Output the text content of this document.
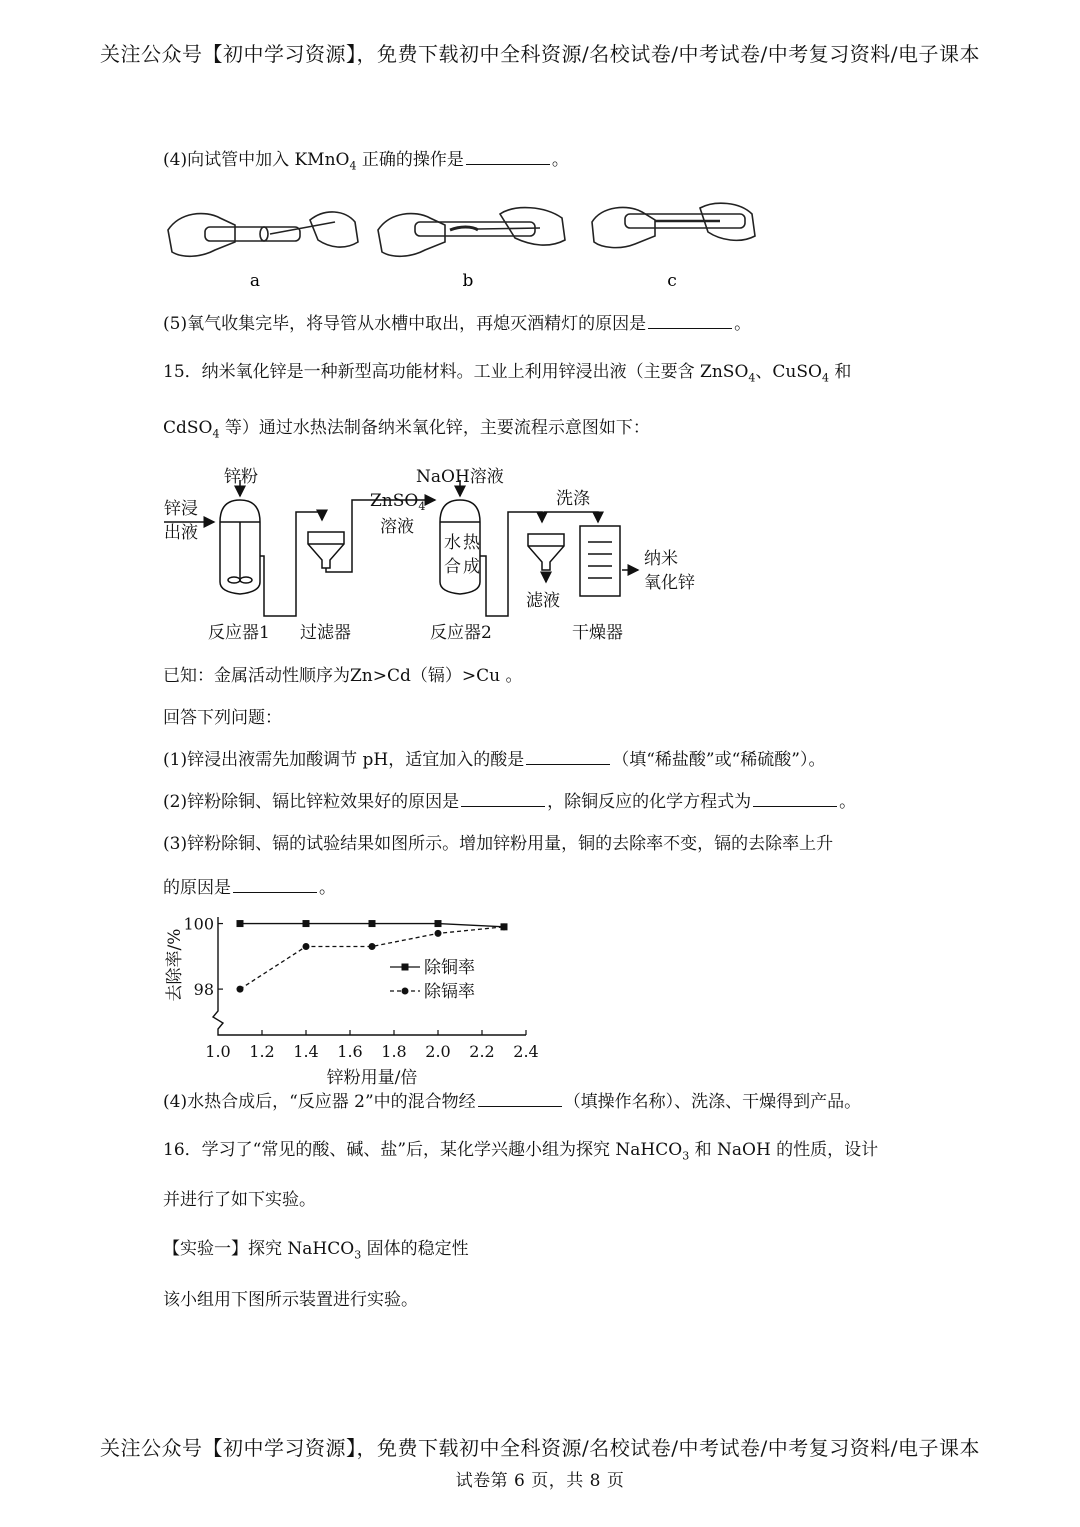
关注公众号【初中学习资源】，免费下载初中全科资源/名校试卷/中考试卷/中考复习资料/电子课本
(4)向试管中加入 KMnO$_4$ 正确的操作是	。
a	b	c
(5)氧气收集完毕，将导管从水槽中取出，再熄灭酒精灯的原因是	。
15．纳米氧化锌是一种新型高功能材料。工业上利用锌浸出液（主要含 ZnSO$_4$、CuSO$_4$ 和
CdSO$_4$ 等）通过水热法制备纳米氧化锌，主要流程示意图如下：
锌粉
锌浸
出液
ZnSO$_4$
溶液
NaOH溶液
洗涤
水 热
合 成
滤液
纳米
氧化锌
反应器1 过滤器	反应器2	干燥器
已知：金属活动性顺序为Zn>Cd（镉）>Cu 。
回答下列问题：
(1)锌浸出液需先加酸调节 pH，适宜加入的酸是	（填“稀盐酸”或“稀硫酸”）。
(2)锌粉除铜、镉比锌粒效果好的原因是	，除铜反应的化学方程式为	。
(3)锌粉除铜、镉的试验结果如图所示。增加锌粉用量，铜的去除率不变，镉的去除率上升
的原因是	。
1.0 1.2 1.4 1.6 1.8 2.0 2.2 2.4
100
98
锌粉用量/倍
去除率/%	除铜率
除镉率
(4)水热合成后，“反应器 2”中的混合物经	（填操作名称）、洗涤、干燥得到产品。
16．学习了“常见的酸、碱、盐”后，某化学兴趣小组为探究 NaHCO$_3$ 和 NaOH 的性质，设计
并进行了如下实验。
【实验一】探究 NaHCO$_3$ 固体的稳定性
该小组用下图所示装置进行实验。
关注公众号【初中学习资源】，免费下载初中全科资源/名校试卷/中考试卷/中考复习资料/电子课本
试卷第 6 页，共 8 页
